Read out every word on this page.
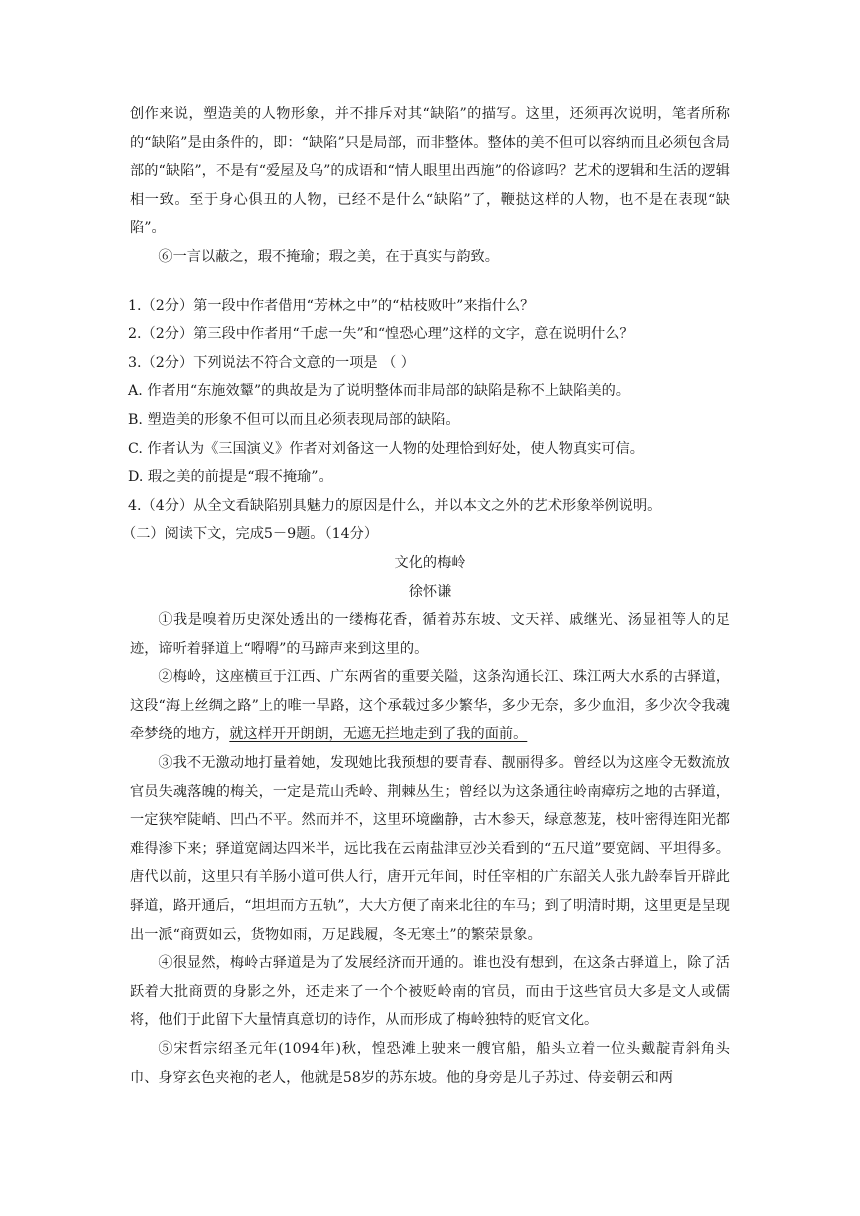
创作来说，塑造美的人物形象，并不排斥对其“缺陷”的描写。这里，还须再次说明，笔者所称的“缺陷”是由条件的，即：“缺陷”只是局部，而非整体。整体的美不但可以容纳而且必须包含局部的“缺陷”，不是有“爱屋及乌”的成语和“情人眼里出西施”的俗谚吗？艺术的逻辑和生活的逻辑相一致。至于身心俱丑的人物，已经不是什么“缺陷”了，鞭挞这样的人物，也不是在表现“缺陷”。

⑥一言以蔽之，瑕不掩瑜；瑕之美，在于真实与韵致。

1.（2分）第一段中作者借用“芳林之中”的“枯枝败叶”来指什么？

2.（2分）第三段中作者用“千虑一失”和“惶恐心理”这样的文字，意在说明什么？

3.（2分）下列说法不符合文意的一项是 （ ）

A. 作者用“东施效颦”的典故是为了说明整体而非局部的缺陷是称不上缺陷美的。

B. 塑造美的形象不但可以而且必须表现局部的缺陷。

C. 作者认为《三国演义》作者对刘备这一人物的处理恰到好处，使人物真实可信。

D. 瑕之美的前提是“瑕不掩瑜”。

4.（4分）从全文看缺陷别具魅力的原因是什么，并以本文之外的艺术形象举例说明。

（二）阅读下文，完成5－9题。（14分）

文化的梅岭

徐怀谦

①我是嗅着历史深处透出的一缕梅花香，循着苏东坡、文天祥、戚继光、汤显祖等人的足迹，谛听着驿道上“嘚嘚”的马蹄声来到这里的。

②梅岭，这座横亘于江西、广东两省的重要关隘，这条沟通长江、珠江两大水系的古驿道，这段“海上丝绸之路”上的唯一旱路，这个承载过多少繁华，多少无奈，多少血泪，多少次令我魂牵梦绕的地方，就这样开开朗朗，无遮无拦地走到了我的面前。

③我不无激动地打量着她，发现她比我预想的要青春、靓丽得多。曾经以为这座令无数流放官员失魂落魄的梅关，一定是荒山秃岭、荆棘丛生；曾经以为这条通往岭南瘴疠之地的古驿道，一定狭窄陡峭、凹凸不平。然而并不，这里环境幽静，古木参天，绿意葱茏，枝叶密得连阳光都难得渗下来；驿道宽阔达四米半，远比我在云南盐津豆沙关看到的“五尺道”要宽阔、平坦得多。唐代以前，这里只有羊肠小道可供人行，唐开元年间，时任宰相的广东韶关人张九龄奉旨开辟此驿道，路开通后，“坦坦而方五轨”，大大方便了南来北往的车马；到了明清时期，这里更是呈现出一派“商贾如云，货物如雨，万足践履，冬无寒土”的繁荣景象。

④很显然，梅岭古驿道是为了发展经济而开通的。谁也没有想到，在这条古驿道上，除了活跃着大批商贾的身影之外，还走来了一个个被贬岭南的官员，而由于这些官员大多是文人或儒将，他们于此留下大量情真意切的诗作，从而形成了梅岭独特的贬官文化。

⑤宋哲宗绍圣元年(1094年)秋，惶恐滩上驶来一艘官船，船头立着一位头戴靛青斜角头巾、身穿玄色夹袍的老人，他就是58岁的苏东坡。他的身旁是儿子苏过、侍妾朝云和两
